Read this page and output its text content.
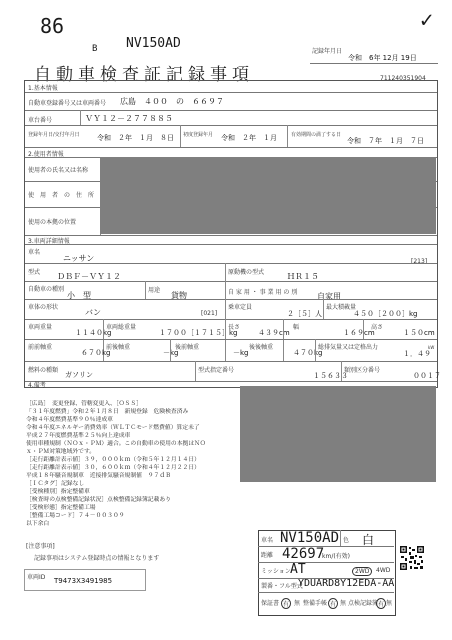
86
B NV150AD
✓
記録年月日
令和　6年 12月 19日
自動車検査証記録事項	711240351904
1.基本情報
自動車登録番号又は車両番号 広島　４００　の　６６９７
車台番号	ＶＹ１２－２７７８８５
登録年月日/交付年月日 令和　２年　１月　８日 初度登録年月 令和　２年　１月	有効期間の満了する日
令和　７年　１月　７日
2.使用者情報
使用者の氏名又は名称
使　用　者　の　住　所
使用の本拠の位置
3.車両詳細情報
車名
ニッサン	[213]
型式 ＤＢＦ－ＶＹ１２	原動機の型式	ＨＲ１５
自動車の種別
小　型
用途
貨物	自 家 用 ・ 事 業 用 の 別 自家用
車体の形状
バン	[021]
乗車定員
２［５］人
最大積載量
４５０［２００］kg
車両重量
１１４０kg
車両総重量
１７００［１７１５］kg
長さ
４３９cm
幅
１６９cm
高さ
１５０cm
前前軸重
６７０kg
前後軸重
－kg
後前軸重
－kg
後後軸重
４７０kg
総排気量又は定格出力
１．４９
kW
燃料の種類
ガソリン
型式指定番号
１５６３３
類別区分番号
００１７
4.備考
［広島］　変更登録、管轄変更入、［ＯＳＳ］
「３１年度燃費」令和２年１月８日　新規登録　危険検査済み
令和４年度燃費基準９０％達成車
令和４年度エネルギー消費効率（ＷＬＴＣモード燃費値）算定未了
平成２７年度燃費基準２５％向上達成車
使用車種規制（ＮＯｘ・ＰＭ）適合。この自動車の使用の本拠はＮＯ
ｘ・ＰＭ対策地域外です。
［走行距離計表示値］３９，０００ｋｍ（令和５年１２月１４日）
［走行距離計表示値］３０，６００ｋｍ（令和４年１２月２２日）
平成１８年騒音規制車　近接排気騒音規制値　９７ｄＢ
［ＩＣタグ］記録なし
［受検種別］指定整備車
［検査時の点検整備記録状況］点検整備記録簿記載あり
［受検形態］指定整備工場
［整備工場コード］７４－００３０９
以下余白
[注意事項]
記録事項はシステム登録時点の情報となります
車両ID T9473X3491985
車名 NV150AD 色 白
距離 42697
km/(有効)
ミッション AT	2WD	4WD
製番・フル型式
YDUARD8Y12EDA-AA
保証書 有 無 整備手帳 有 無 点検記録簿 有 無
